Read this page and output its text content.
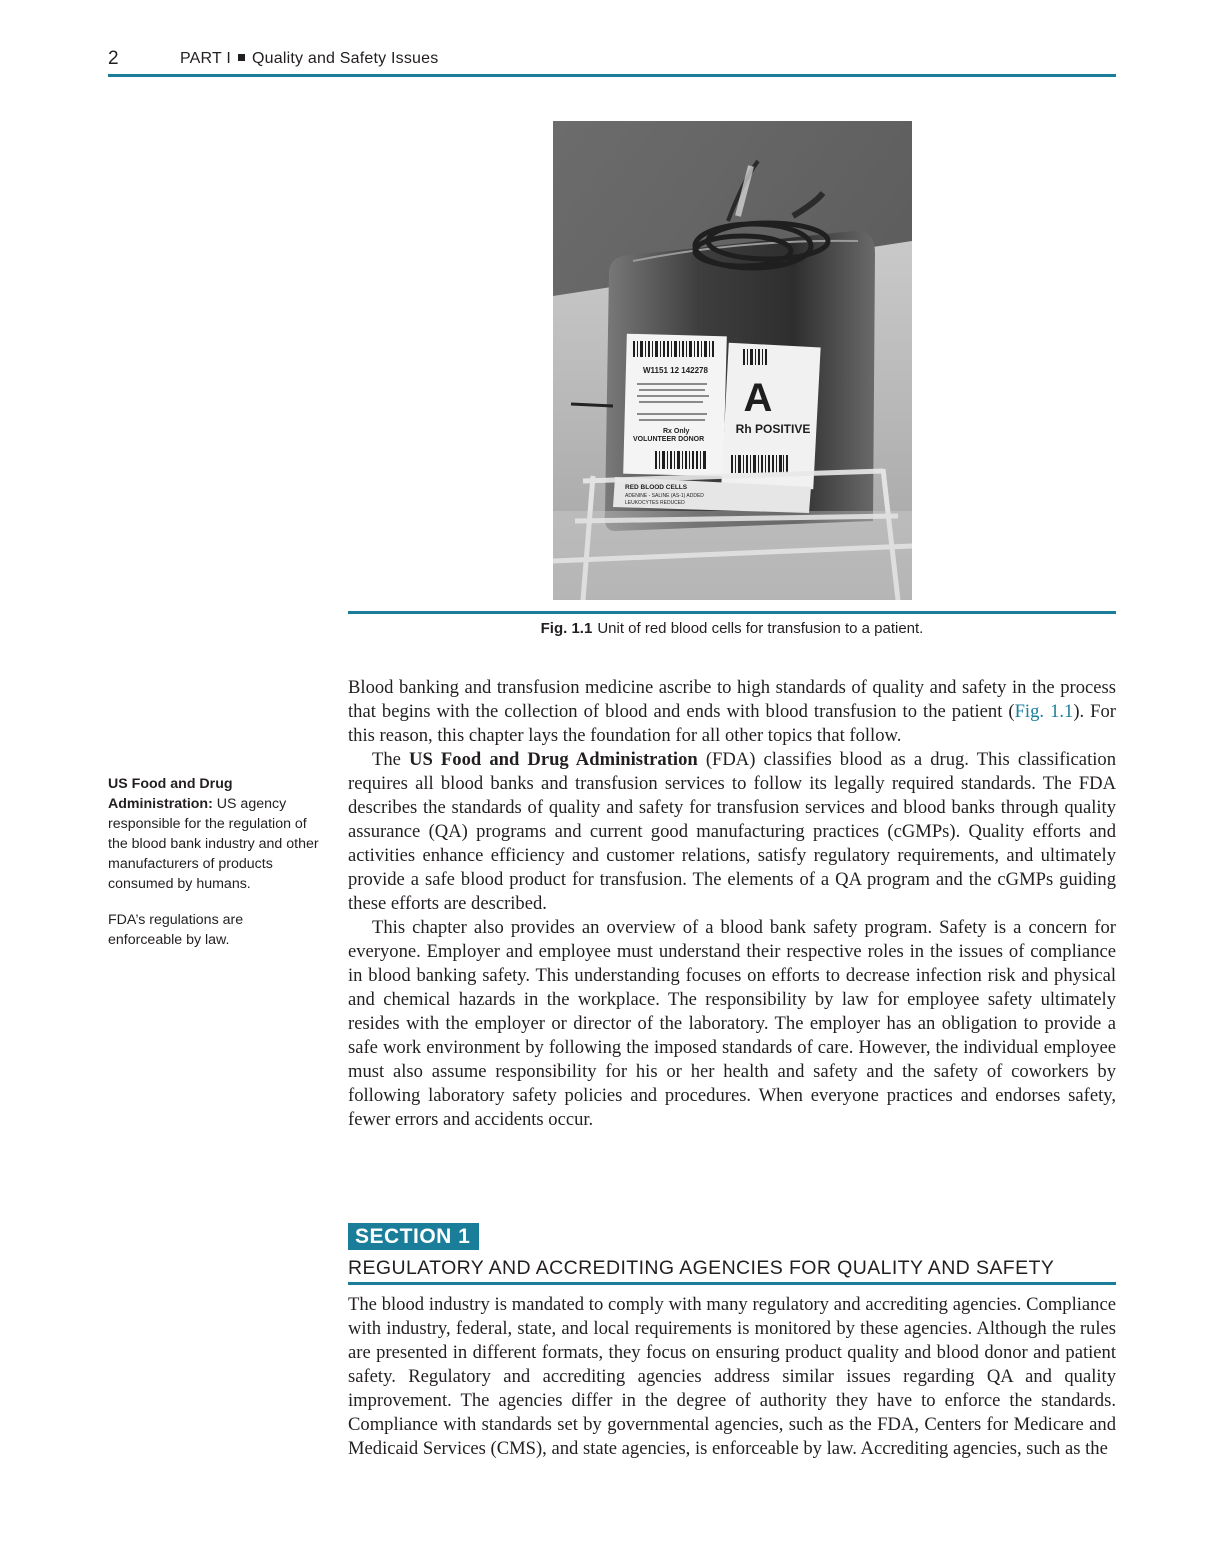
2	PART I Quality and Safety Issues
W1151 12 142278
A
Rh POSITIVE
Rx Only
VOLUNTEER DONOR
RED BLOOD CELLS
ADENINE - SALINE (AS-1) ADDED
LEUKOCYTES REDUCED
Fig. 1.1 Unit of red blood cells for transfusion to a patient.

US Food and Drug Administration: US agency responsible for the regulation of the blood bank industry and other manufacturers of products consumed by humans.

FDA’s regulations are enforceable by law.

Blood banking and transfusion medicine ascribe to high standards of quality and safety in the process that begins with the collection of blood and ends with blood transfusion to the patient (Fig. 1.1). For this reason, this chapter lays the foundation for all other topics that follow.

The US Food and Drug Administration (FDA) classifies blood as a drug. This classification requires all blood banks and transfusion services to follow its legally required standards. The FDA describes the standards of quality and safety for transfusion services and blood banks through quality assurance (QA) programs and current good manufacturing practices (cGMPs). Quality efforts and activities enhance efficiency and customer relations, satisfy regulatory requirements, and ultimately provide a safe blood product for transfusion. The elements of a QA program and the cGMPs guiding these efforts are described.

This chapter also provides an overview of a blood bank safety program. Safety is a concern for everyone. Employer and employee must understand their respective roles in the issues of compliance in blood banking safety. This understanding focuses on efforts to decrease infection risk and physical and chemical hazards in the workplace. The responsibility by law for employee safety ultimately resides with the employer or director of the laboratory. The employer has an obligation to provide a safe work environment by following the imposed standards of care. However, the individual employee must also assume responsibility for his or her health and safety and the safety of coworkers by following laboratory safety policies and procedures. When everyone practices and endorses safety, fewer errors and accidents occur.

SECTION 1
REGULATORY AND ACCREDITING AGENCIES FOR QUALITY AND SAFETY

The blood industry is mandated to comply with many regulatory and accrediting agencies. Compliance with industry, federal, state, and local requirements is monitored by these agencies. Although the rules are presented in different formats, they focus on ensuring product quality and blood donor and patient safety. Regulatory and accrediting agencies address similar issues regarding QA and quality improvement. The agencies differ in the degree of authority they have to enforce the standards. Compliance with standards set by governmental agencies, such as the FDA, Centers for Medicare and Medicaid Services (CMS), and state agencies, is enforceable by law. Accrediting agencies, such as the
